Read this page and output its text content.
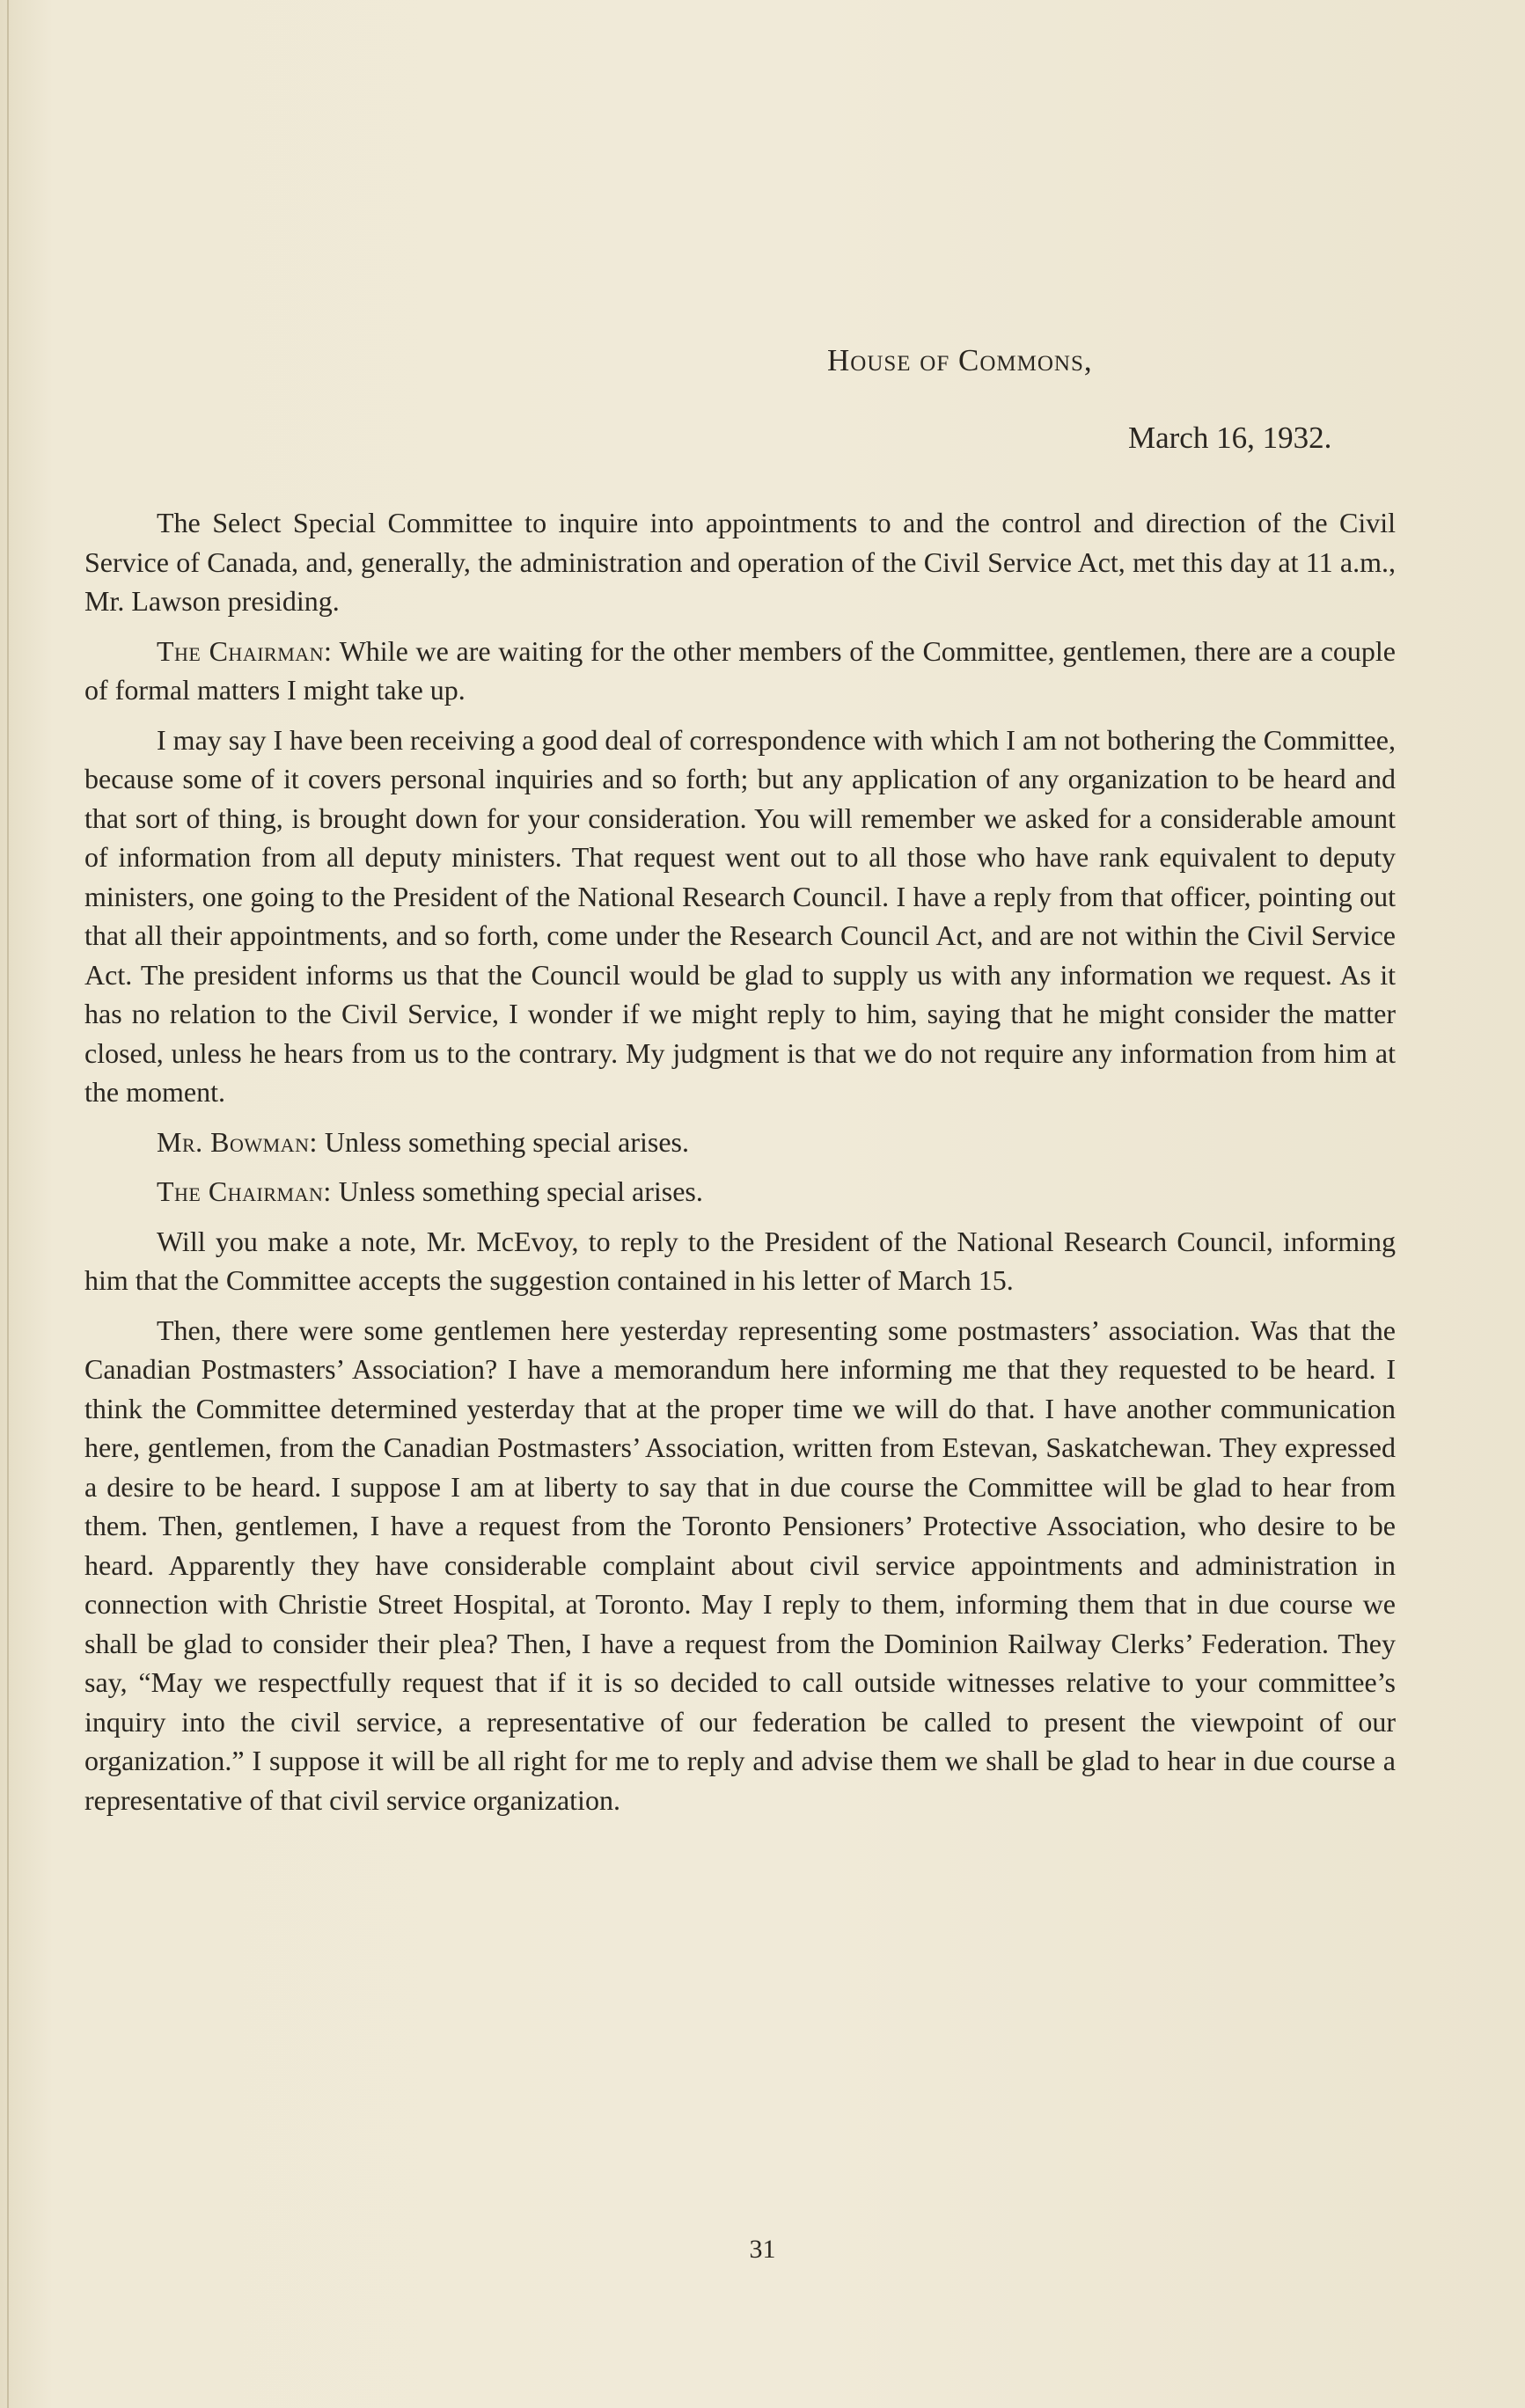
House of Commons,
March 16, 1932.

The Select Special Committee to inquire into appointments to and the control and direction of the Civil Service of Canada, and, generally, the administration and operation of the Civil Service Act, met this day at 11 a.m., Mr. Lawson presiding.

The Chairman: While we are waiting for the other members of the Committee, gentlemen, there are a couple of formal matters I might take up.

I may say I have been receiving a good deal of correspondence with which I am not bothering the Committee, because some of it covers personal inquiries and so forth; but any application of any organization to be heard and that sort of thing, is brought down for your consideration. You will remember we asked for a considerable amount of information from all deputy ministers. That request went out to all those who have rank equivalent to deputy ministers, one going to the President of the National Research Council. I have a reply from that officer, pointing out that all their appointments, and so forth, come under the Research Council Act, and are not within the Civil Service Act. The president informs us that the Council would be glad to supply us with any information we request. As it has no relation to the Civil Service, I wonder if we might reply to him, saying that he might consider the matter closed, unless he hears from us to the contrary. My judgment is that we do not require any information from him at the moment.

Mr. Bowman: Unless something special arises.

The Chairman: Unless something special arises.

Will you make a note, Mr. McEvoy, to reply to the President of the National Research Council, informing him that the Committee accepts the suggestion contained in his letter of March 15.

Then, there were some gentlemen here yesterday representing some postmasters’ association. Was that the Canadian Postmasters’ Association? I have a memorandum here informing me that they requested to be heard. I think the Committee determined yesterday that at the proper time we will do that. I have another communication here, gentlemen, from the Canadian Postmasters’ Association, written from Estevan, Saskatchewan. They expressed a desire to be heard. I suppose I am at liberty to say that in due course the Committee will be glad to hear from them. Then, gentlemen, I have a request from the Toronto Pensioners’ Protective Association, who desire to be heard. Apparently they have considerable complaint about civil service appointments and administration in connection with Christie Street Hospital, at Toronto. May I reply to them, informing them that in due course we shall be glad to consider their plea? Then, I have a request from the Dominion Railway Clerks’ Federation. They say, “May we respectfully request that if it is so decided to call outside witnesses relative to your committee’s inquiry into the civil service, a representative of our federation be called to present the viewpoint of our organization.” I suppose it will be all right for me to reply and advise them we shall be glad to hear in due course a representative of that civil service organization.

31
